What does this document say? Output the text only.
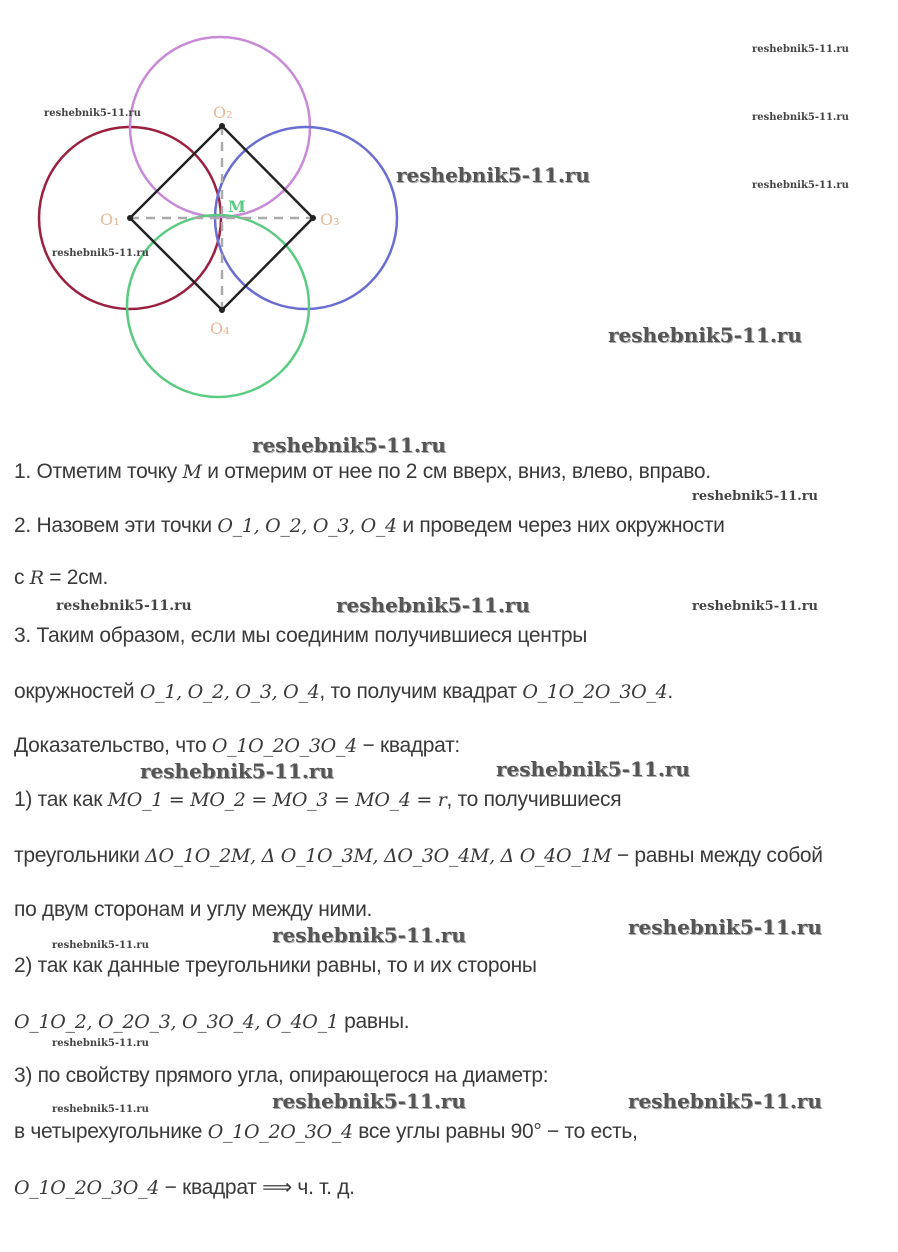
O₁
O₂
O₃
O₄
M
reshebnik5-11.ru
reshebnik5-11.ru
reshebnik5-11.ru
reshebnik5-11.ru
reshebnik5-11.ru
reshebnik5-11.ru
reshebnik5-11.ru
reshebnik5-11.ru
reshebnik5-11.ru
reshebnik5-11.ru	reshebnik5-11.ru	reshebnik5-11.ru
reshebnik5-11.ru	reshebnik5-11.ru
reshebnik5-11.ru	reshebnik5-11.ru
reshebnik5-11.ru
reshebnik5-11.ru
reshebnik5-11.ru	reshebnik5-11.ru	reshebnik5-11.ru
1. Отметим точку M и отмерим от нее по 2 см вверх, вниз, влево, вправо.
2. Назовем эти точки O_1, O_2, O_3, O_4 и проведем через них окружности
с R = 2см.
3. Таким образом, если мы соединим получившиеся центры
окружностей O_1, O_2, O_3, O_4, то получим квадрат O_1O_2O_3O_4.
Доказательство, что O_1O_2O_3O_4 − квадрат:
1) так как MO_1 = MO_2 = MO_3 = MO_4 = r, то получившиеся
треугольники ΔO_1O_2M, Δ O_1O_3M, ΔO_3O_4M, Δ O_4O_1M − равны между собой
по двум сторонам и углу между ними.
2) так как данные треугольники равны, то и их стороны
O_1O_2, O_2O_3, O_3O_4, O_4O_1 равны.
3) по свойству прямого угла, опирающегося на диаметр:
в четырехугольнике O_1O_2O_3O_4 все углы равны 90° − то есть,
O_1O_2O_3O_4 − квадрат ⟹ ч. т. д.
